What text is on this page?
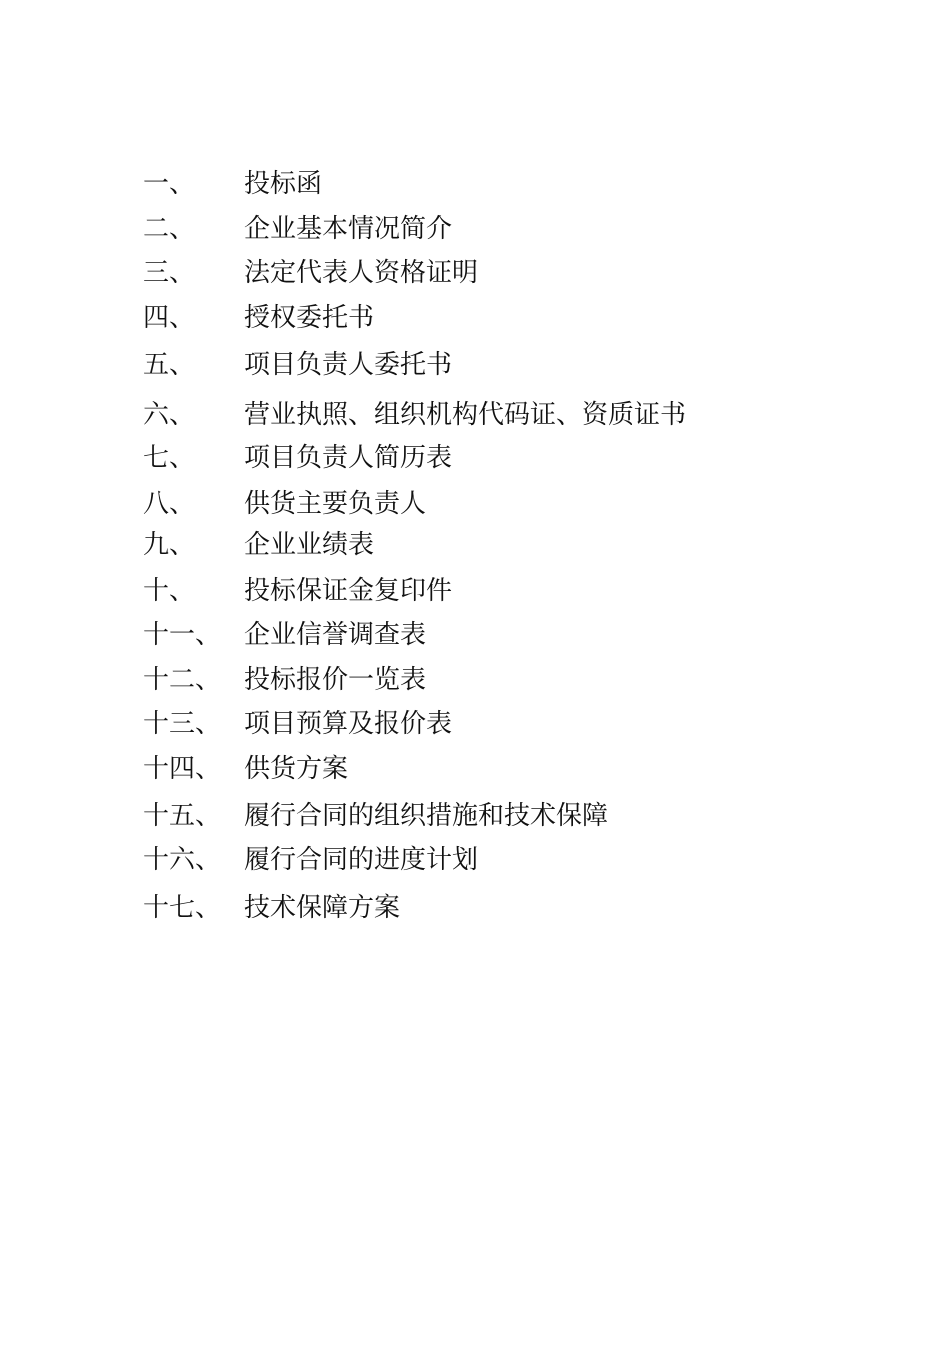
一、 投标函
二、 企业基本情况简介
三、 法定代表人资格证明
四、 授权委托书
五、 项目负责人委托书
六、 营业执照、组织机构代码证、资质证书
七、 项目负责人简历表
八、 供货主要负责人
九、 企业业绩表
十、 投标保证金复印件
十一、 企业信誉调查表
十二、 投标报价一览表
十三、 项目预算及报价表
十四、 供货方案
十五、 履行合同的组织措施和技术保障
十六、 履行合同的进度计划
十七、 技术保障方案
